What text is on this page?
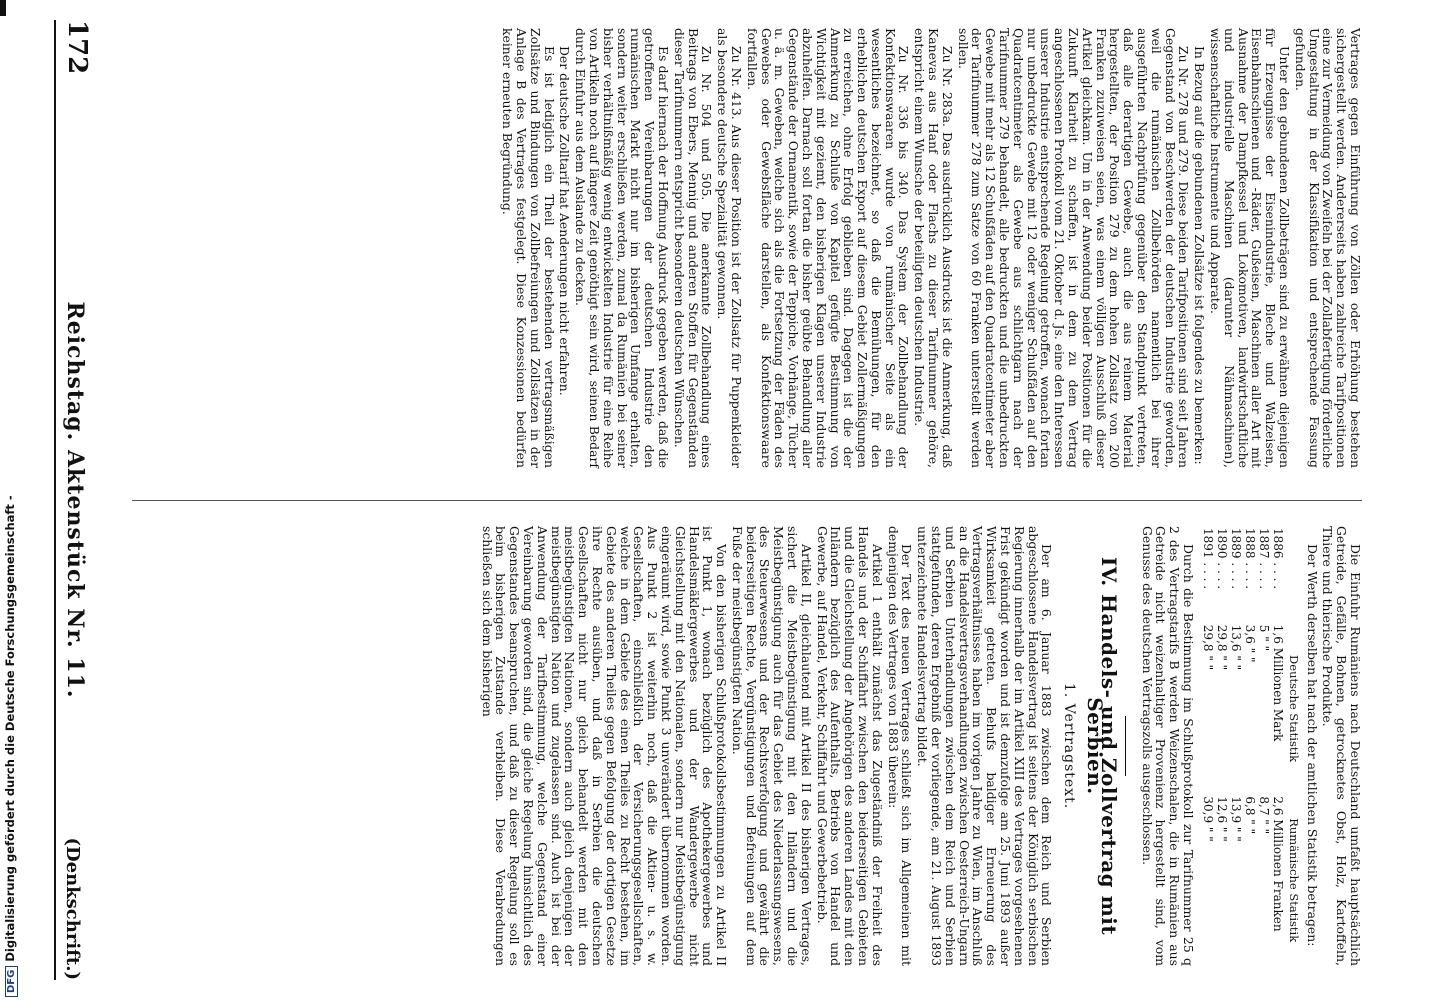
DFGDigitalisierung gefördert durch die Deutsche Forschungsgemeinschaft -
172
Reichstag. Aktenstück Nr. 11.
(Denkschrift.)

Vertrages gegen Einführung von Zöllen oder Erhöhung bestehen sichergestellt werden. Andererseits haben zahlreiche Tarifpositionen eine zur Vermeidung von Zweifeln bei der Zollabfertigung förderliche Umgestaltung in der Klassifikation und entsprechende Fassung gefunden.

Unter den gebundenen Zollbeträgen sind zu erwähnen diejenigen für Erzeugnisse der Eisenindustrie, Bleche und Walzeisen, Eisenbahnschienen und -Räder, Gußeisen, Maschinen aller Art mit Ausnahme der Dampfkessel und Lokomotiven, landwirtschaftliche und industrielle Maschinen (darunter Nähmaschinen), wissenschaftliche Instrumente und Apparate.

In Bezug auf die gebundenen Zollsätze ist folgendes zu bemerken:

Zu Nr. 278 und 279. Diese beiden Tarifpositionen sind seit Jahren Gegenstand von Beschwerden der deutschen Industrie geworden, weil die rumänischen Zollbehörden namentlich bei ihrer ausgeführten Nachprüfung gegenüber den Standpunkt vertreten, daß alle derartigen Gewebe, auch die aus reinem Material hergestellten, der Position 279 zu dem hohen Zollsatz von 200 Franken zuzuweisen seien, was einem völligen Ausschluß dieser Artikel gleichkam. Um in der Anwendung beider Positionen für die Zukunft Klarheit zu schaffen, ist in dem zu dem Vertrag angeschlossenen Protokoll vom 21. Oktober d. Js. eine den Interessen unserer Industrie entsprechende Regelung getroffen, wonach fortan nur unbedruckte Gewebe mit 12 oder weniger Schußfäden auf den Quadratcentimeter als Gewebe aus schlichtgarn nach der Tarifnummer 279 behandelt, alle bedruckten und die unbedruckten Gewebe mit mehr als 12 Schußfäden auf den Quadratcentimeter aber der Tarifnummer 278 zum Satze von 60 Franken unterstellt werden sollen.

Zu Nr. 283a. Das ausdrücklich Ausdrucks ist die Anmerkung, daß Kanevas aus Hanf oder Flachs zu dieser Tarifnummer gehöre, entspricht einem Wunsche der beteiligten deutschen Industrie.

Zu Nr. 336 bis 340. Das System der Zollbehandlung der Konfektionswaaren wurde von rumänischer Seite als ein wesentliches bezeichnet, so daß die Bemühungen, für den erheblichen deutschen Export auf diesem Gebiet Zollermäßigungen zu erreichen, ohne Erfolg geblieben sind. Dagegen ist die der Anmerkung zu Schluße von Kapitel gefügte Bestimmung von Wichtigkeit mit geziemt, den bisherigen Klagen unserer Industrie abzuhelfen. Darnach soll fortan die bisher geübte Behandlung aller Gegenstände der Ornamentik, sowie der Teppiche, Vorhänge, Tücher u. ä. m. Geweben, welche sich als die Fortsetzung der Fäden des Gewebes oder Gewebsfläche darstellen, als Konfektionswaare fortfallen.

Zu Nr. 413. Aus dieser Position ist der Zollsatz für Puppenkleider als besondere deutsche Spezialität gewonnen.

Zu Nr. 504 und 505. Die anerkannte Zollbehandlung eines Beitrags von Ebers, Mennig und anderen Stoffen für Gegenständen dieser Tarifnummern entspricht besonderen deutschen Wünschen.

Es darf hiernach der Hoffnung Ausdruck gegeben werden, daß die getroffenen Vereinbarungen der deutschen Industrie den rumänischen Markt nicht nur im bisherigen Umfange erhalten, sondern weiter erschließen werden, zumal da Rumänien bei seiner bisher verhältnißmäßig wenig entwickelten Industrie für eine Reihe von Artikeln noch auf längere Zeit genöthigt sein wird, seinen Bedarf durch Einfuhr aus dem Auslande zu decken.

Der deutsche Zolltarif hat Aenderungen nicht erfahren.

Es ist lediglich ein Theil der bestehenden vertragsmäßigen Zollsätze und Bindungen von Zollbefreiungen und Zollsätzen in der Anlage B des Vertrages festgelegt. Diese Konzessionen bedürfen keiner erneuten Begründung.

Die Einfuhr Rumäniens nach Deutschland umfaßt hauptsächlich Getreide, Gefälle, Bohnen, getrocknetes Obst, Holz, Kartoffeln, Thiere und thierische Produkte.

Der Werth derselben hat nach der amtlichen Statistik betragen:

	Deutsche Statistik	Rumänische Statistik
1886 . . . .	1,6 Millionen Mark	2,6 Millionen Franken
1887 . . . .	5 " "	8,7 " "
1888 . . . .	3,6 " "	6,8 " "
1889 . . . .	13,6 " "	13,9 " "
1890 . . . .	29,8 " "	12,6 " "
1891 . . . .	29,8 " "	30,9 " "

Durch die Bestimmung im Schlußprotokoll zur Tarifnummer 25 q 2 des Vertragstarifs B werden Weizenschalen, die in Rumänien aus Getreide nicht weizenhaltiger Provenienz hergestellt sind, vom Genusse des deutschen Vertragszolls ausgeschlossen.

IV. Handels- und Zollvertrag mit Serbien.
1. Vertragstext.

Der am 6. Januar 1883 zwischen dem Reich und Serbien abgeschlossene Handelsvertrag ist seitens der Königlich serbischen Regierung innerhalb der im Artikel XIII des Vertrages vorgesehenen Frist gekündigt worden und ist demzufolge am 25. Juni 1893 außer Wirksamkeit getreten. Behufs baldiger Erneuerung des Vertragsverhältnisses haben im vorigen Jahre zu Wien, im Anschluß an die Handelsvertragsverhandlungen zwischen Oesterreich-Ungarn und Serbien Unterhandlungen zwischen dem Reich und Serbien stattgefunden, deren Ergebniß der vorliegende, am 21. August 1893 unterzeichnete Handelsvertrag bildet.

Der Text des neuen Vertrages schließt sich im Allgemeinen mit demjenigen des Vertrages von 1883 überein:

Artikel 1 enthält zunächst das Zugeständniß der Freiheit des Handels und der Schiffahrt zwischen den beiderseitigen Gebieten und die Gleichstellung der Angehörigen des anderen Landes mit den Inländern bezüglich des Aufenthalts, Betriebs von Handel und Gewerbe, auf Handel, Verkehr, Schiffahrt und Gewerbebetrieb.

Artikel II, gleichlautend mit Artikel II des bisherigen Vertrages, sichert die Meistbegünstigung mit den Inländern und die Meistbegünstigung auch für das Gebiet des Niederlassungswesens, des Steuerwesens und der Rechtsverfolgung und gewährt die beiderseitigen Rechte, Vergünstigungen und Befreiungen auf dem Fuße der meistbegünstigten Nation.

Von den bisherigen Schlußprotokollsbestimmungen zu Artikel II ist Punkt 1, wonach bezüglich des Apothekergewerbes und Handelsmäklergewerbes und der Wandergewerbe nicht Gleichstellung mit den Nationalen, sondern nur Meistbegünstigung eingeräumt wird, sowie Punkt 3 unverändert übernommen worden. Aus Punkt 2 ist weiterhin noch, daß die Aktien- u. s. w. Gesellschaften, einschließlich der Versicherungsgesellschaften, welche in dem Gebiete des einen Theiles zu Recht bestehen, im Gebiete des anderen Theiles gegen Befolgung der dortigen Gesetze ihre Rechte ausüben, und daß in Serbien die deutschen Gesellschaften nicht nur gleich behandelt werden mit den meistbegünstigten Nationen, sondern auch gleich denjenigen der meistbegünstigten Nation und zugelassen sind. Auch ist bei der Anwendung der Tarifbestimmung, welche Gegenstand einer Vereinbarung geworden sind, die gleiche Regelung hinsichtlich des Gegenstandes beanspruchen, und daß zu dieser Regelung soll es beim bisherigen Zustande verbleiben. Diese Verabredungen schließen sich dem bisherigen
